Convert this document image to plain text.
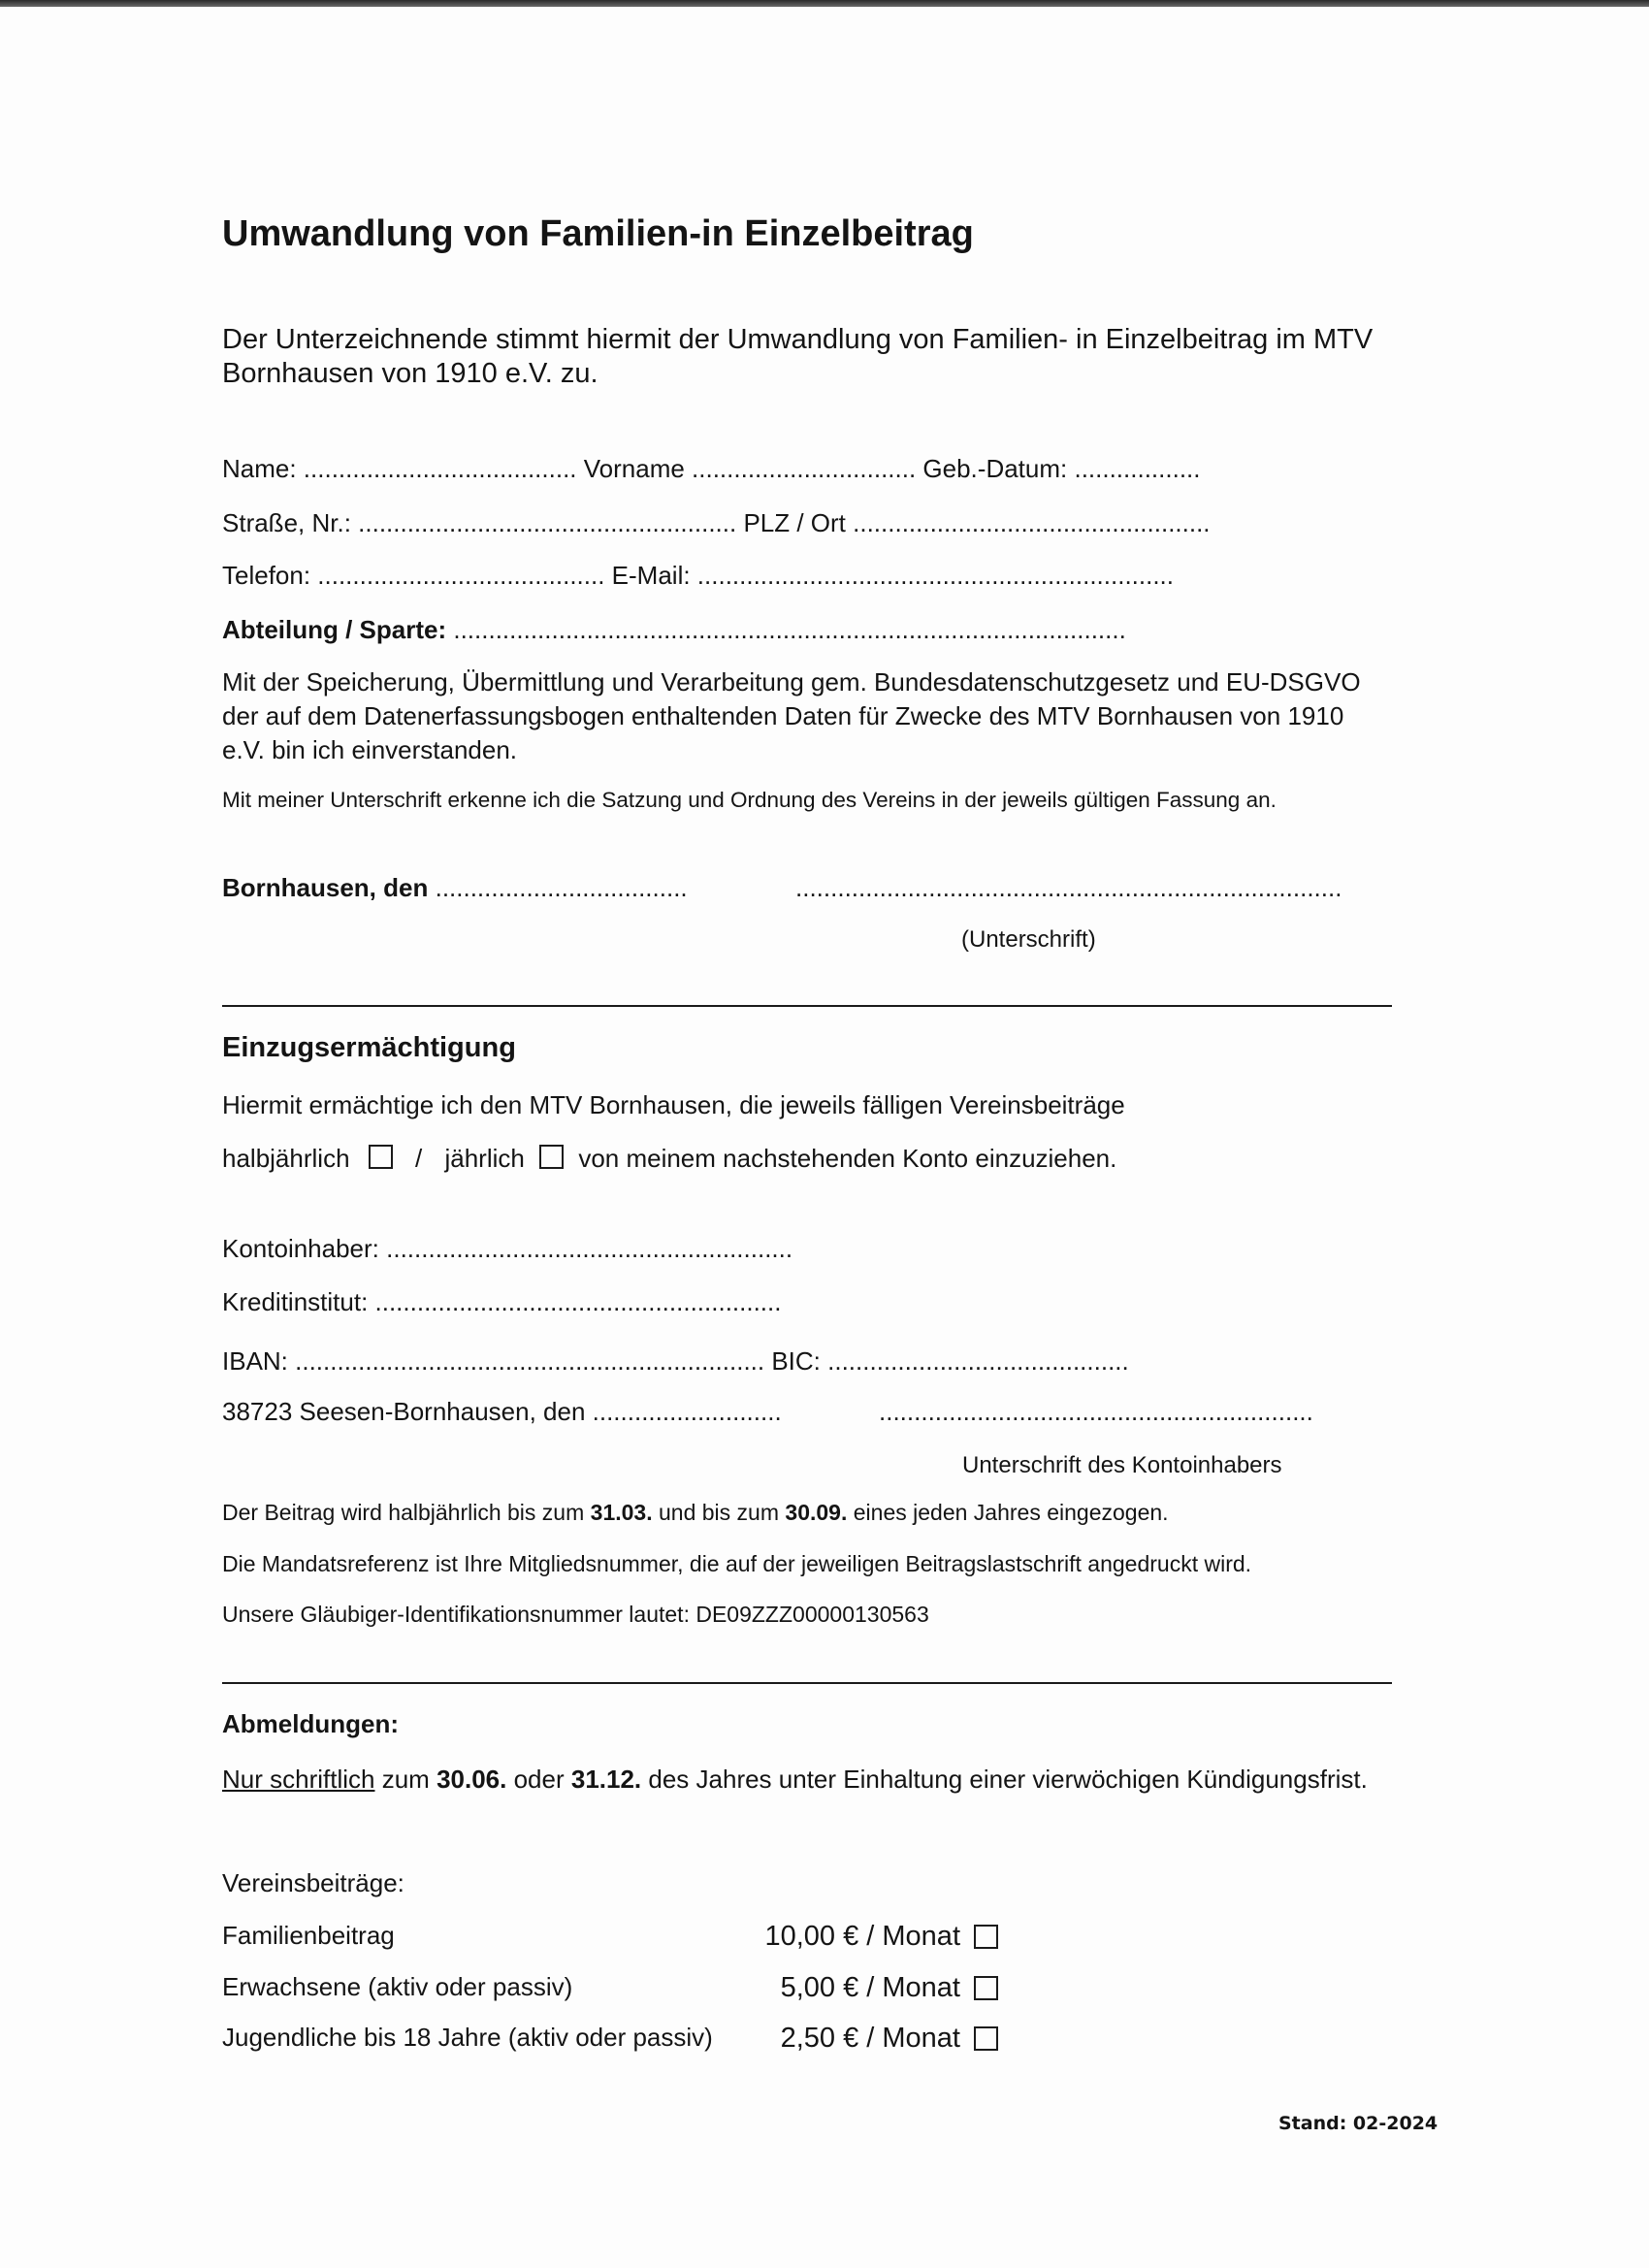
Umwandlung von Familien-in Einzelbeitrag
Der Unterzeichnende stimmt hiermit der Umwandlung von Familien- in Einzelbeitrag im MTV
Bornhausen von 1910 e.V. zu.
Name: ....................................... Vorname ................................ Geb.-Datum: ..................
Straße, Nr.: ...................................................... PLZ / Ort ...................................................
Telefon: ......................................... E-Mail: ....................................................................
Abteilung / Sparte: ................................................................................................
Mit der Speicherung, Übermittlung und Verarbeitung gem. Bundesdatenschutzgesetz und EU-DSGVO
der auf dem Datenerfassungsbogen enthaltenden Daten für Zwecke des MTV Bornhausen von 1910
e.V. bin ich einverstanden.
Mit meiner Unterschrift erkenne ich die Satzung und Ordnung des Vereins in der jeweils gültigen Fassung an.
Bornhausen, den ....................................	..............................................................................
(Unterschrift)
Einzugsermächtigung
Hiermit ermächtige ich den MTV Bornhausen, die jeweils fälligen Vereinsbeiträge
halbjährlich	/ jährlich von meinem nachstehenden Konto einzuziehen.
Kontoinhaber: ..........................................................
Kreditinstitut: ..........................................................
IBAN: ................................................................... BIC: ...........................................
38723 Seesen-Bornhausen, den ...........................	..............................................................
Unterschrift des Kontoinhabers
Der Beitrag wird halbjährlich bis zum 31.03. und bis zum 30.09. eines jeden Jahres eingezogen.
Die Mandatsreferenz ist Ihre Mitgliedsnummer, die auf der jeweiligen Beitragslastschrift angedruckt wird.
Unsere Gläubiger-Identifikationsnummer lautet: DE09ZZZ00000130563
Abmeldungen:
Nur schriftlich zum 30.06. oder 31.12. des Jahres unter Einhaltung einer vierwöchigen Kündigungsfrist.
Vereinsbeiträge:
Familienbeitrag	10,00 € / Monat
Erwachsene (aktiv oder passiv)	5,00 € / Monat
Jugendliche bis 18 Jahre (aktiv oder passiv)	2,50 € / Monat
Stand: 02-2024
